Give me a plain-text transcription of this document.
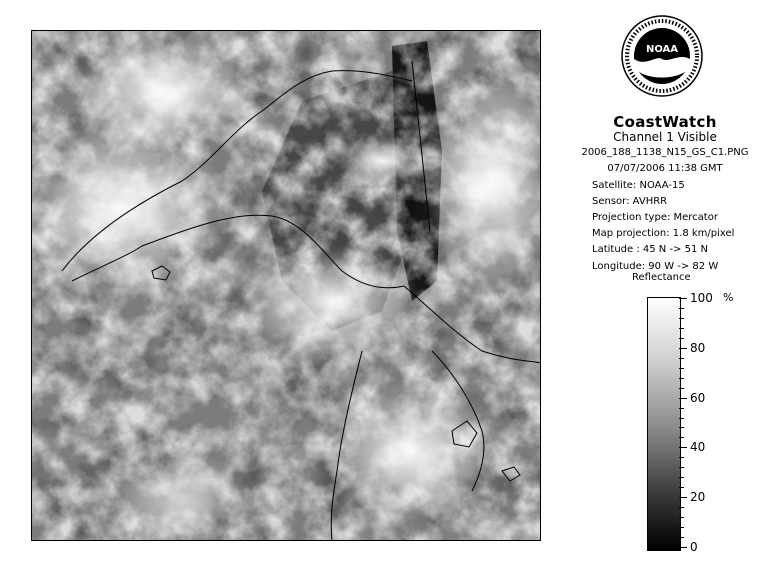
NOAA
CoastWatch
Channel 1 Visible
2006_188_1138_N15_GS_C1.PNG
07/07/2006 11:38 GMT
Satellite: NOAA-15
Sensor: AVHRR
Projection type: Mercator
Map projection: 1.8 km/pixel
Latitude : 45 N -> 51 N
Longitude: 90 W -> 82 W
Reflectance
%
100
80
60
40
20
0
